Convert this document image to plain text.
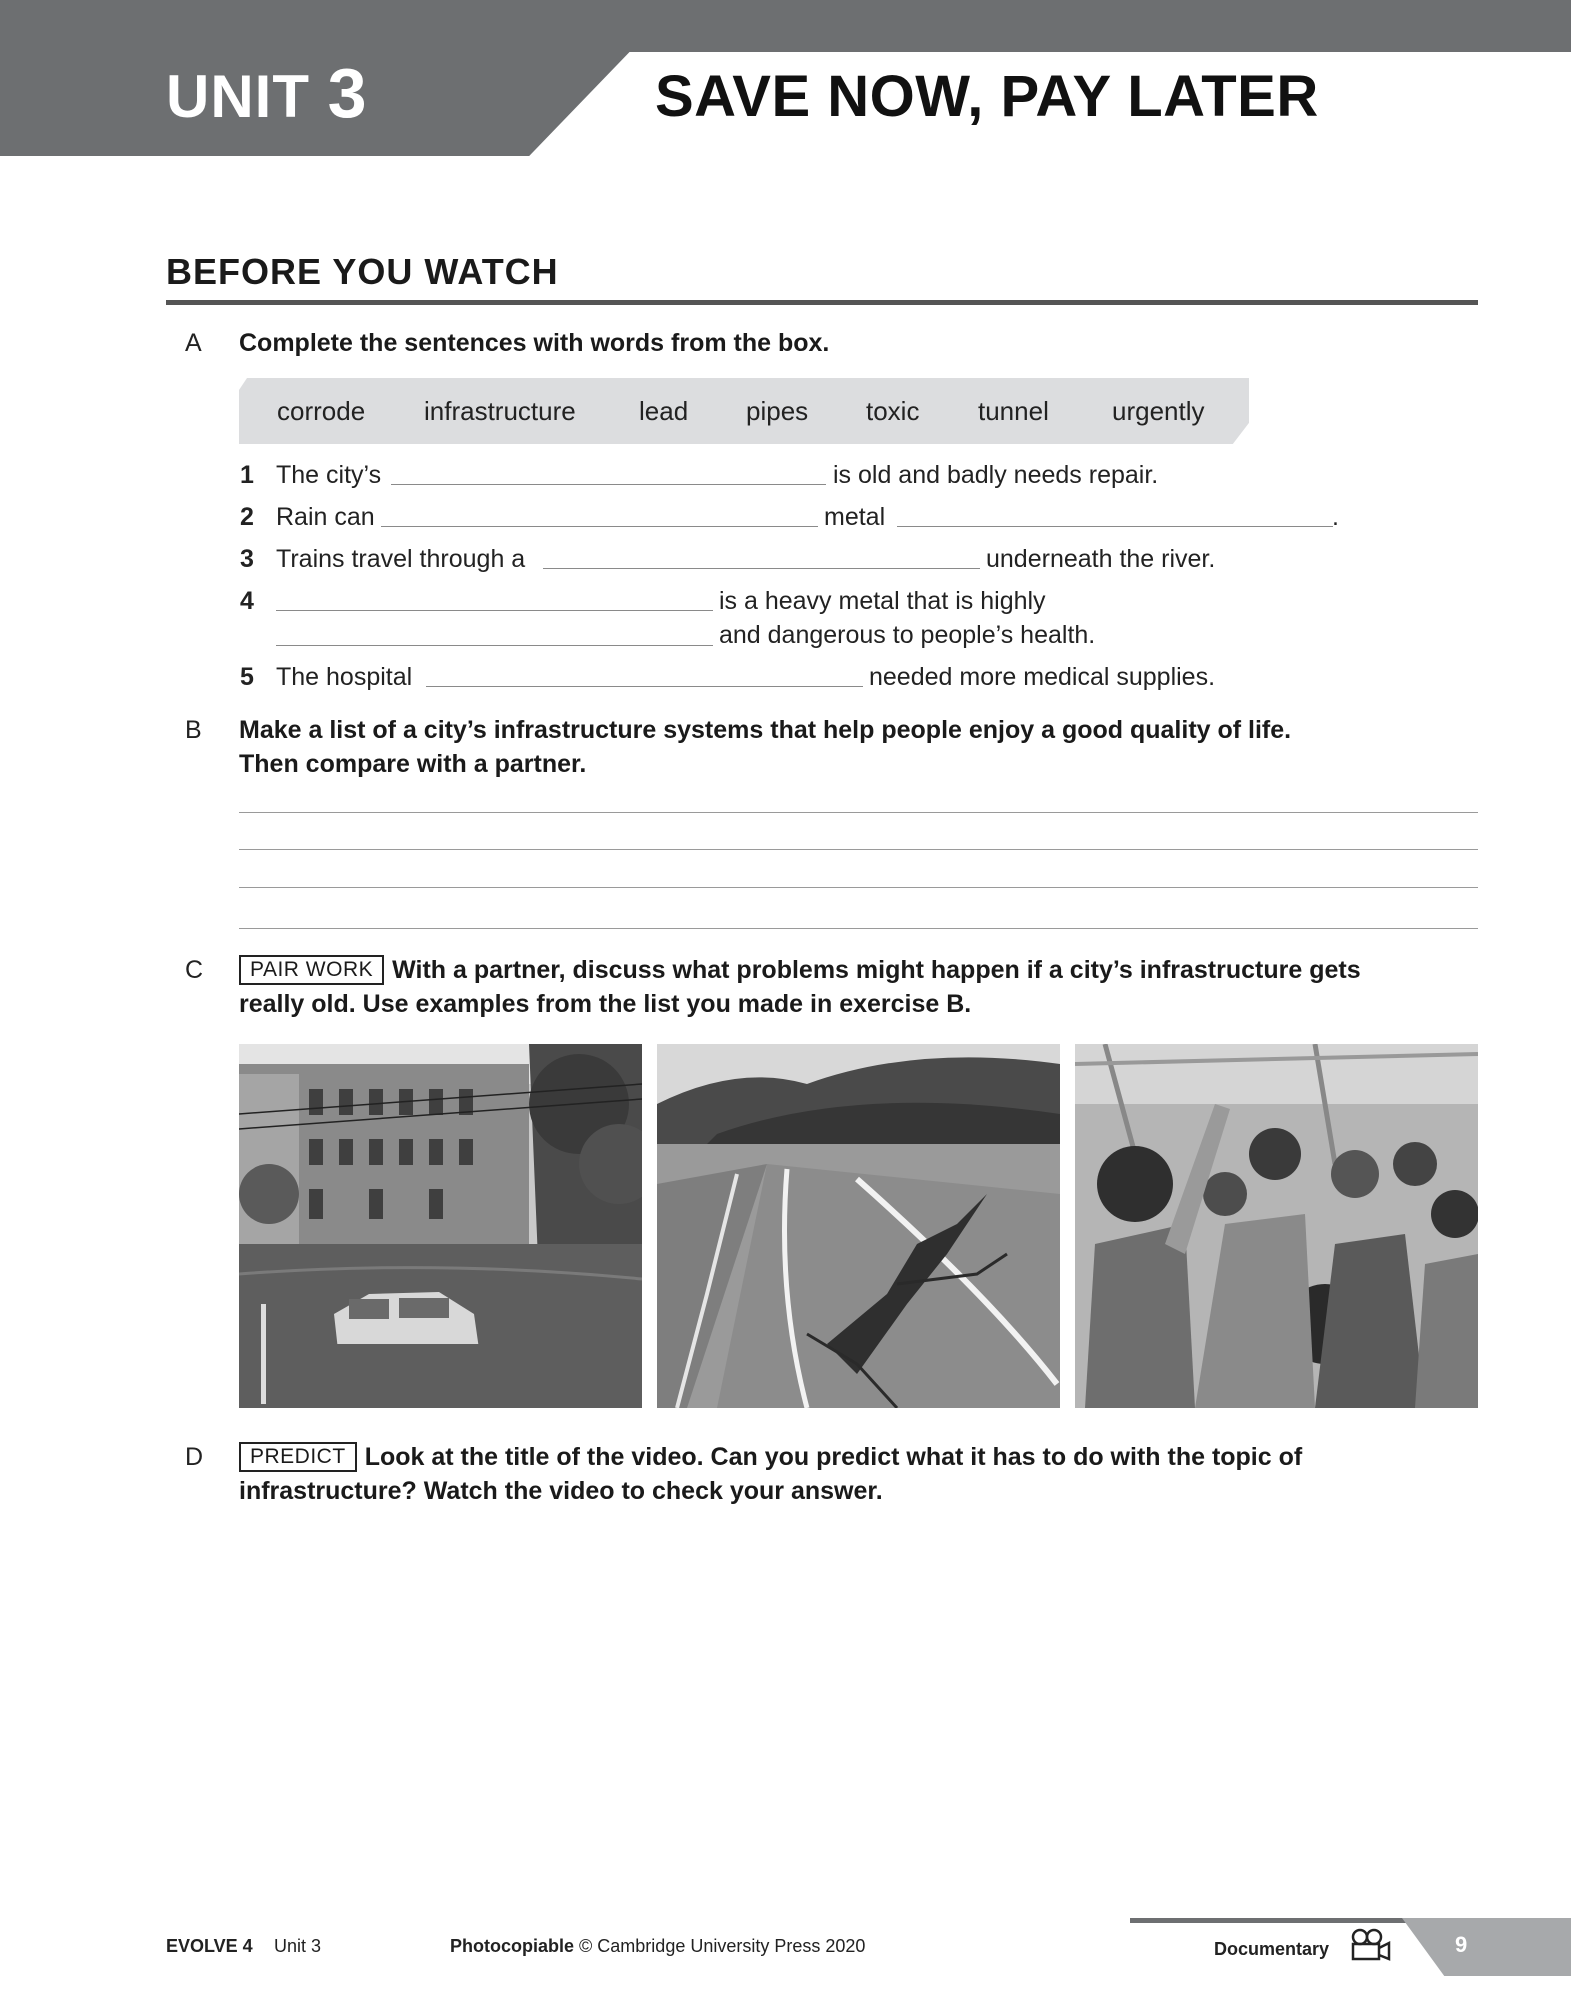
UNIT 3	SAVE NOW, PAY LATER
BEFORE YOU WATCH
A Complete the sentences with words from the box.
corrode infrastructure lead pipes toxic tunnel urgently
1 The city’s	is old and badly needs repair.
2 Rain can	metal	.
3 Trains travel through a	underneath the river.
4	is a heavy metal that is highly
and dangerous to people’s health.
5 The hospital	needed more medical supplies.
B Make a list of a city’s infrastructure systems that help people enjoy a good quality of life.
Then compare with a partner.
C	PAIR WORK With a partner, discuss what problems might happen if a city’s infrastructure gets
really old. Use examples from the list you made in exercise B.
D	PREDICT Look at the title of the video. Can you predict what it has to do with the topic of
infrastructure? Watch the video to check your answer.
EVOLVE 4 Unit 3	Photocopiable © Cambridge University Press 2020	Documentary	9
